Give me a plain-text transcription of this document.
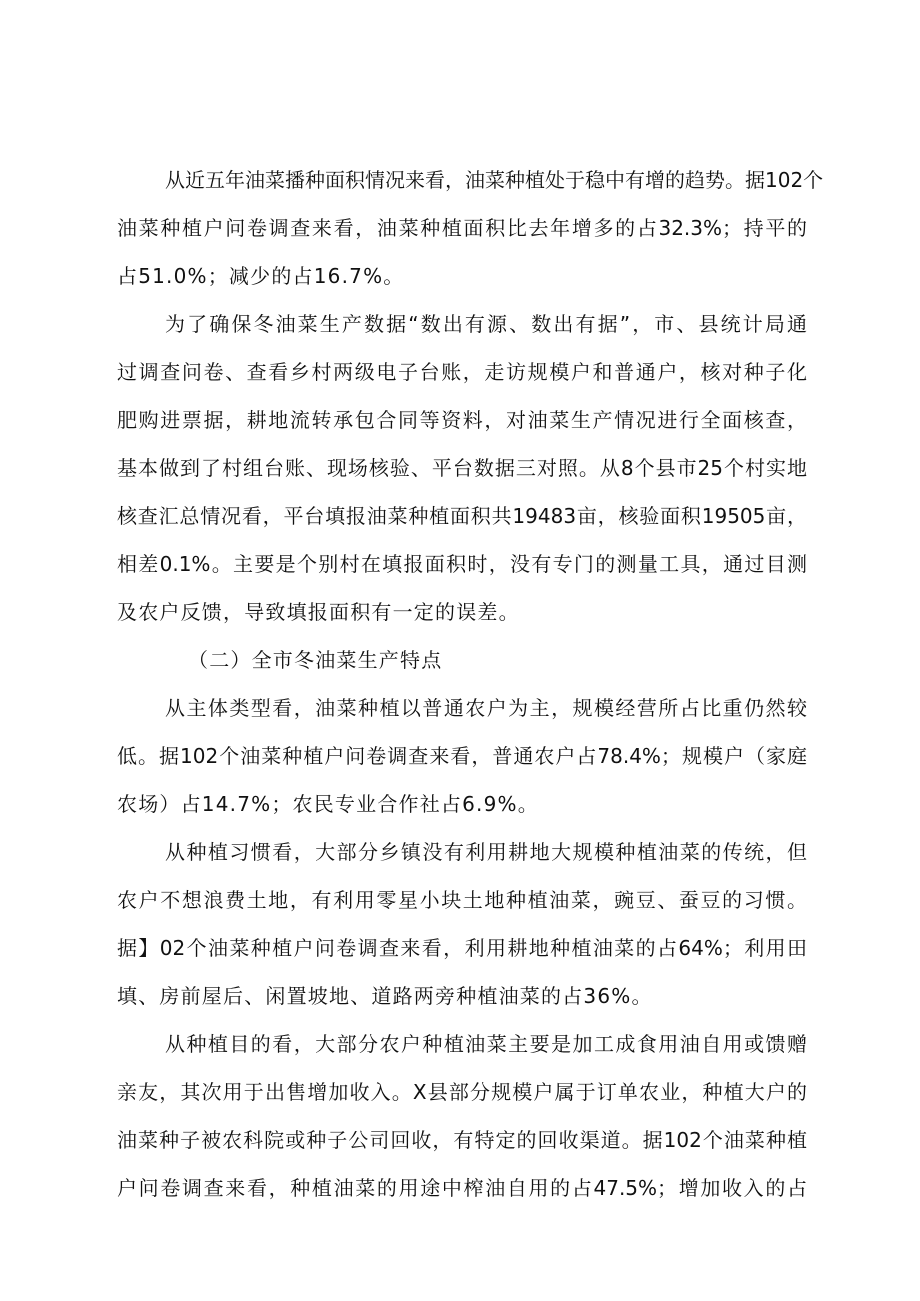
从近五年油菜播种面积情况来看，油菜种植处于稳中有增的趋势。据102个
油菜种植户问卷调查来看，油菜种植面积比去年增多的占32.3%；持平的
占51.0%；减少的占16.7%。
为了确保冬油菜生产数据“数出有源、数出有据”，市、县统计局通
过调查问卷、查看乡村两级电子台账，走访规模户和普通户，核对种子化
肥购进票据，耕地流转承包合同等资料，对油菜生产情况进行全面核查，
基本做到了村组台账、现场核验、平台数据三对照。从8个县市25个村实地
核查汇总情况看，平台填报油菜种植面积共19483亩，核验面积19505亩，
相差0.1%。主要是个别村在填报面积时，没有专门的测量工具，通过目测
及农户反馈，导致填报面积有一定的误差。
（二）全市冬油菜生产特点
从主体类型看，油菜种植以普通农户为主，规模经营所占比重仍然较
低。据102个油菜种植户问卷调查来看，普通农户占78.4%；规模户（家庭
农场）占14.7%；农民专业合作社占6.9%。
从种植习惯看，大部分乡镇没有利用耕地大规模种植油菜的传统，但
农户不想浪费土地，有利用零星小块土地种植油菜，豌豆、蚕豆的习惯。
据】02个油菜种植户问卷调查来看，利用耕地种植油菜的占64%；利用田
填、房前屋后、闲置坡地、道路两旁种植油菜的占36%。
从种植目的看，大部分农户种植油菜主要是加工成食用油自用或馈赠
亲友，其次用于出售增加收入。X县部分规模户属于订单农业，种植大户的
油菜种子被农科院或种子公司回收，有特定的回收渠道。据102个油菜种植
户问卷调查来看，种植油菜的用途中榨油自用的占47.5%；增加收入的占
